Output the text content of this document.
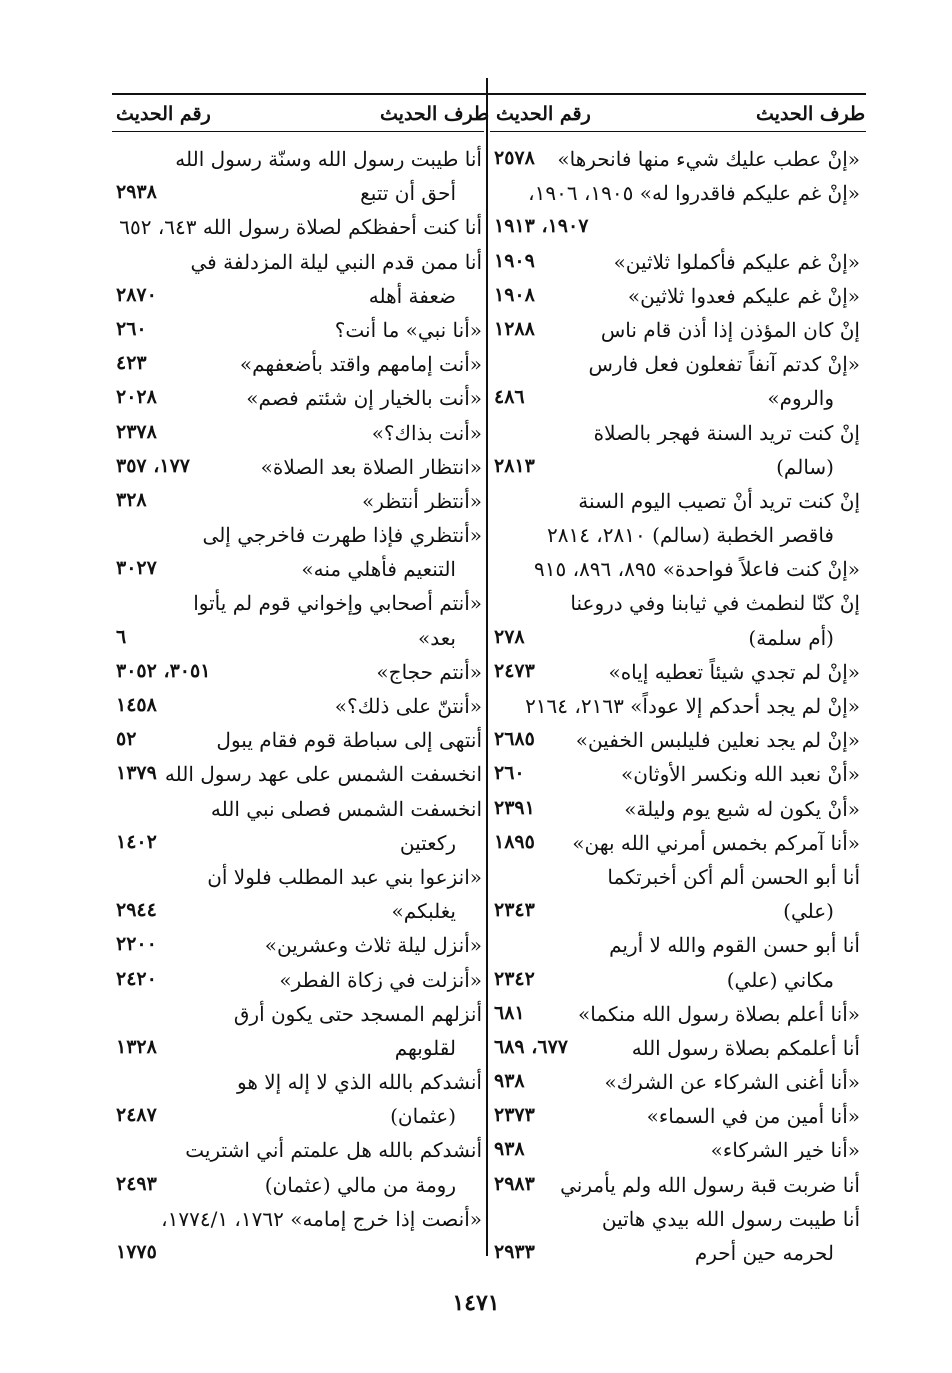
طرف الحديث
رقم الحديث
طرف الحديث
رقم الحديث
«إنْ عطب عليك شيء منها فانحرها»
٢٥٧٨
«إنْ غم عليكم فاقدروا له» ١٩٠٥، ١٩٠٦،
١٩٠٧، ١٩١٣
«إنْ غم عليكم فأكملوا ثلاثين»
١٩٠٩
«إنْ غم عليكم فعدوا ثلاثين»
١٩٠٨
إنْ كان المؤذن إذا أذن قام ناس
١٢٨٨
«إنْ كدتم آنفاً تفعلون فعل فارس
والروم»
٤٨٦
إنْ كنت تريد السنة فهجر بالصلاة
(سالم)
٢٨١٣
إنْ كنت تريد أنْ تصيب اليوم السنة
فاقصر الخطبة (سالم) ٢٨١٠، ٢٨١٤
«إنْ كنت فاعلاً فواحدة» ٨٩٥، ٨٩٦، ٩١٥
إنْ كنّا لنطمث في ثيابنا وفي دروعنا
(أم سلمة)
٢٧٨
«إنْ لم تجدي شيئاً تعطيه إياه»
٢٤٧٣
«إنْ لم يجد أحدكم إلا عوداً» ٢١٦٣، ٢١٦٤
«إنْ لم يجد نعلين فليلبس الخفين»
٢٦٨٥
«أنْ نعبد الله ونكسر الأوثان»
٢٦٠
«أنْ يكون له شبع يوم وليلة»
٢٣٩١
«أنا آمركم بخمس أمرني الله بهن»
١٨٩٥
أنا أبو الحسن ألم أكن أخبرتكما
(علي)
٢٣٤٣
أنا أبو حسن القوم والله لا أريم
مكاني (علي)
٢٣٤٢
«أنا أعلم بصلاة رسول الله منكما»
٦٨١
أنا أعلمكم بصلاة رسول الله
٦٧٧، ٦٨٩
«أنا أغنى الشركاء عن الشرك»
٩٣٨
«أنا أمين من في السماء»
٢٣٧٣
«أنا خير الشركاء»
٩٣٨
أنا ضربت قبة رسول الله ولم يأمرني
٢٩٨٣
أنا طيبت رسول الله بيدي هاتين
لحرمه حين أحرم
٢٩٣٣
أنا طيبت رسول الله وسنّة رسول الله
أحق أن تتبع
٢٩٣٨
أنا كنت أحفظكم لصلاة رسول الله ٦٤٣، ٦٥٢
أنا ممن قدم النبي ليلة المزدلفة في
ضعفة أهله
٢٨٧٠
«أنا نبي» ما أنت؟
٢٦٠
«أنت إمامهم واقتد بأضعفهم»
٤٢٣
«أنت بالخيار إن شئتم فصم»
٢٠٢٨
«أنت بذاك؟»
٢٣٧٨
«انتظار الصلاة بعد الصلاة»
١٧٧، ٣٥٧
«أنتظر أنتظر»
٣٢٨
«أنتظري فإذا طهرت فاخرجي إلى
التنعيم فأهلي منه»
٣٠٢٧
«أنتم أصحابي وإخواني قوم لم يأتوا
بعد»
٦
«أنتم حجاج»
٣٠٥١، ٣٠٥٢
«أنتنّ على ذلك؟»
١٤٥٨
أنتهى إلى سباطة قوم فقام يبول
٥٢
انخسفت الشمس على عهد رسول الله
١٣٧٩
انخسفت الشمس فصلى نبي الله
ركعتين
١٤٠٢
«انزعوا بني عبد المطلب فلولا أن
يغلبكم»
٢٩٤٤
«أنزل ليلة ثلاث وعشرين»
٢٢٠٠
«أنزلت في زكاة الفطر»
٢٤٢٠
أنزلهم المسجد حتى يكون أرق
لقلوبهم
١٣٢٨
أنشدكم بالله الذي لا إله إلا هو
(عثمان)
٢٤٨٧
أنشدكم بالله هل علمتم أني اشتريت
رومة من مالي (عثمان)
٢٤٩٣
«أنصت إذا خرج إمامه» ١٧٦٢، ١٧٧٤/١،
١٧٧٥
١٤٧١
